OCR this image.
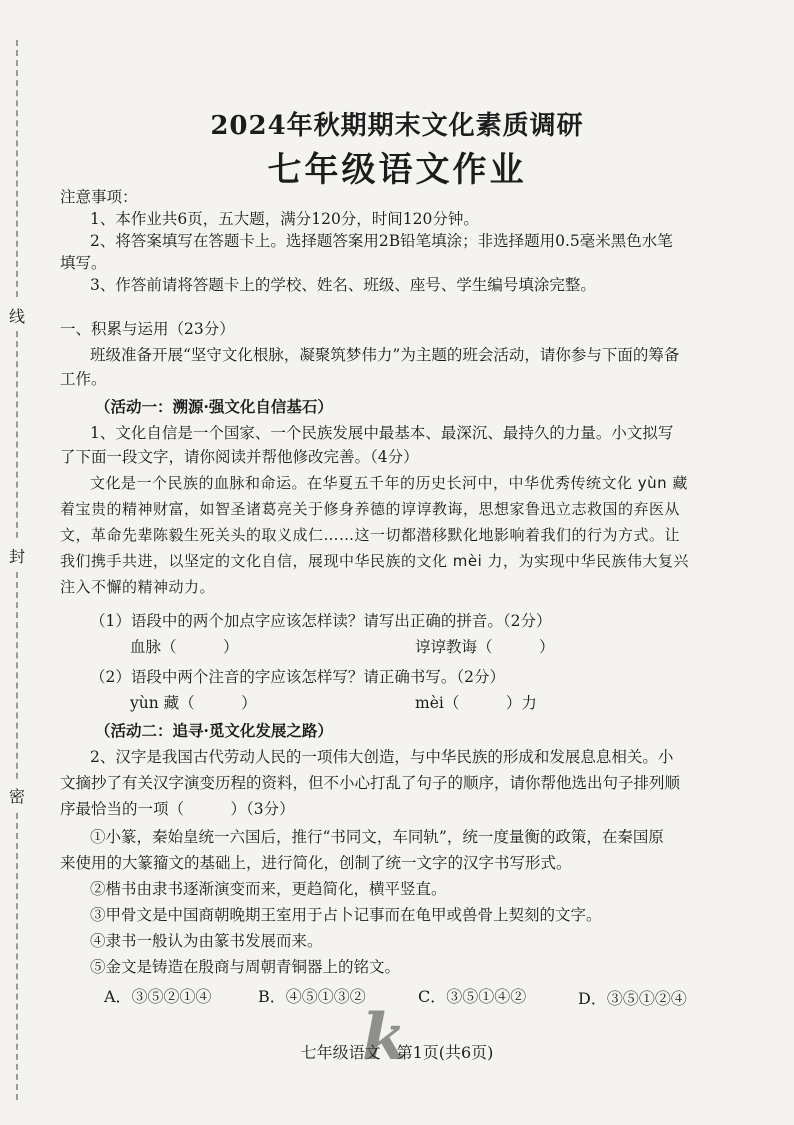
线
封
密
2024年秋期期末文化素质调研
七年级语文作业
注意事项：
1、本作业共6页，五大题，满分120分，时间120分钟。
2、将答案填写在答题卡上。选择题答案用2B铅笔填涂；非选择题用0.5毫米黑色水笔
填写。
3、作答前请将答题卡上的学校、姓名、班级、座号、学生编号填涂完整。
一、积累与运用（23分）
班级准备开展“坚守文化根脉，凝聚筑梦伟力”为主题的班会活动，请你参与下面的筹备
工作。
（活动一：溯源·强文化自信基石）
1、文化自信是一个国家、一个民族发展中最基本、最深沉、最持久的力量。小文拟写
了下面一段文字，请你阅读并帮他修改完善。（4分）
文化是一个民族的血脉和命运。在华夏五千年的历史长河中，中华优秀传统文化 yùn 藏
着宝贵的精神财富，如智圣诸葛亮关于修身养德的谆谆教诲，思想家鲁迅立志救国的弃医从
文，革命先辈陈毅生死关头的取义成仁……这一切都潜移默化地影响着我们的行为方式。让
我们携手共进，以坚定的文化自信，展现中华民族的文化 mèi 力，为实现中华民族伟大复兴
注入不懈的精神动力。
（1）语段中的两个加点字应该怎样读？请写出正确的拼音。（2分）
血脉（　　　）	谆谆教诲（　　　）
（2）语段中两个注音的字应该怎样写？请正确书写。（2分）
yùn 藏（　　　）	mèi（　　　）力
（活动二：追寻·觅文化发展之路）
2、汉字是我国古代劳动人民的一项伟大创造，与中华民族的形成和发展息息相关。小
文摘抄了有关汉字演变历程的资料，但不小心打乱了句子的顺序，请你帮他选出句子排列顺
序最恰当的一项（　　　）（3分）
①小篆，秦始皇统一六国后，推行“书同文，车同轨”，统一度量衡的政策，在秦国原
来使用的大篆籀文的基础上，进行简化，创制了统一文字的汉字书写形式。
②楷书由隶书逐渐演变而来，更趋简化，横平竖直。
③甲骨文是中国商朝晚期王室用于占卜记事而在龟甲或兽骨上契刻的文字。
④隶书一般认为由篆书发展而来。
⑤金文是铸造在殷商与周朝青铜器上的铭文。
A．③⑤②①④	B．④⑤①③②	C．③⑤①④②	D．③⑤①②④
k
七年级语文　第1页(共6页)
